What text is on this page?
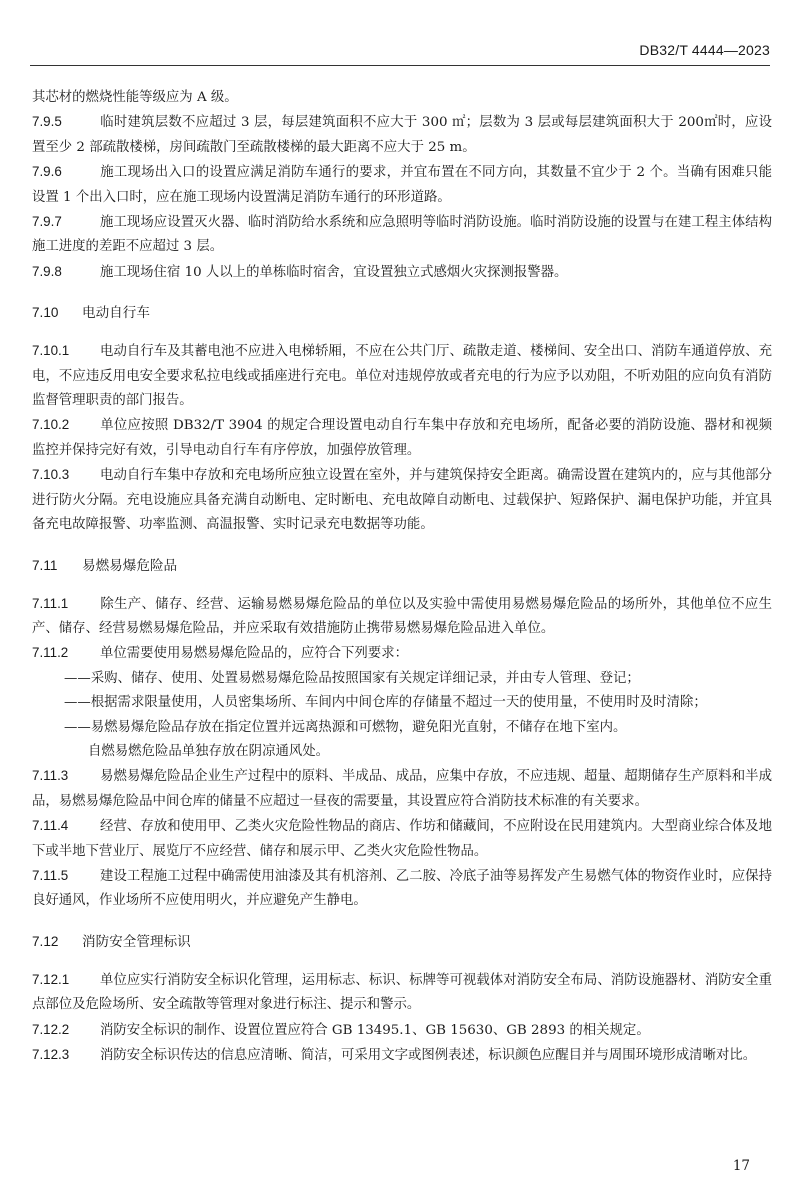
DB32/T 4444—2023

其芯材的燃烧性能等级应为 A 级。

7.9.5	临时建筑层数不应超过 3 层，每层建筑面积不应大于 300 ㎡；层数为 3 层或每层建筑面积大于 200㎡时，应设置至少 2 部疏散楼梯，房间疏散门至疏散楼梯的最大距离不应大于 25 m。

7.9.6	施工现场出入口的设置应满足消防车通行的要求，并宜布置在不同方向，其数量不宜少于 2 个。当确有困难只能设置 1 个出入口时，应在施工现场内设置满足消防车通行的环形道路。

7.9.7	施工现场应设置灭火器、临时消防给水系统和应急照明等临时消防设施。临时消防设施的设置与在建工程主体结构施工进度的差距不应超过 3 层。

7.9.8	施工现场住宿 10 人以上的单栋临时宿舍，宜设置独立式感烟火灾探测报警器。

7.10 电动自行车

7.10.1 电动自行车及其蓄电池不应进入电梯轿厢，不应在公共门厅、疏散走道、楼梯间、安全出口、消防车通道停放、充电，不应违反用电安全要求私拉电线或插座进行充电。单位对违规停放或者充电的行为应予以劝阻，不听劝阻的应向负有消防监督管理职责的部门报告。

7.10.2 单位应按照 DB32/T 3904 的规定合理设置电动自行车集中存放和充电场所，配备必要的消防设施、器材和视频监控并保持完好有效，引导电动自行车有序停放，加强停放管理。

7.10.3 电动自行车集中存放和充电场所应独立设置在室外，并与建筑保持安全距离。确需设置在建筑内的，应与其他部分进行防火分隔。充电设施应具备充满自动断电、定时断电、充电故障自动断电、过载保护、短路保护、漏电保护功能，并宜具备充电故障报警、功率监测、高温报警、实时记录充电数据等功能。

7.11 易燃易爆危险品

7.11.1 除生产、储存、经营、运输易燃易爆危险品的单位以及实验中需使用易燃易爆危险品的场所外，其他单位不应生产、储存、经营易燃易爆危险品，并应采取有效措施防止携带易燃易爆危险品进入单位。

7.11.2 单位需要使用易燃易爆危险品的，应符合下列要求：

——采购、储存、使用、处置易燃易爆危险品按照国家有关规定详细记录，并由专人管理、登记；

——根据需求限量使用，人员密集场所、车间内中间仓库的存储量不超过一天的使用量，不使用时及时清除；

——易燃易爆危险品存放在指定位置并远离热源和可燃物，避免阳光直射，不储存在地下室内。

自燃易燃危险品单独存放在阴凉通风处。

7.11.3 易燃易爆危险品企业生产过程中的原料、半成品、成品，应集中存放，不应违规、超量、超期储存生产原料和半成品，易燃易爆危险品中间仓库的储量不应超过一昼夜的需要量，其设置应符合消防技术标准的有关要求。

7.11.4 经营、存放和使用甲、乙类火灾危险性物品的商店、作坊和储藏间，不应附设在民用建筑内。大型商业综合体及地下或半地下营业厅、展览厅不应经营、储存和展示甲、乙类火灾危险性物品。

7.11.5 建设工程施工过程中确需使用油漆及其有机溶剂、乙二胺、冷底子油等易挥发产生易燃气体的物资作业时，应保持良好通风，作业场所不应使用明火，并应避免产生静电。

7.12 消防安全管理标识

7.12.1 单位应实行消防安全标识化管理，运用标志、标识、标牌等可视载体对消防安全布局、消防设施器材、消防安全重点部位及危险场所、安全疏散等管理对象进行标注、提示和警示。

7.12.2 消防安全标识的制作、设置位置应符合 GB 13495.1、GB 15630、GB 2893 的相关规定。

7.12.3 消防安全标识传达的信息应清晰、简洁，可采用文字或图例表述，标识颜色应醒目并与周围环境形成清晰对比。

17
